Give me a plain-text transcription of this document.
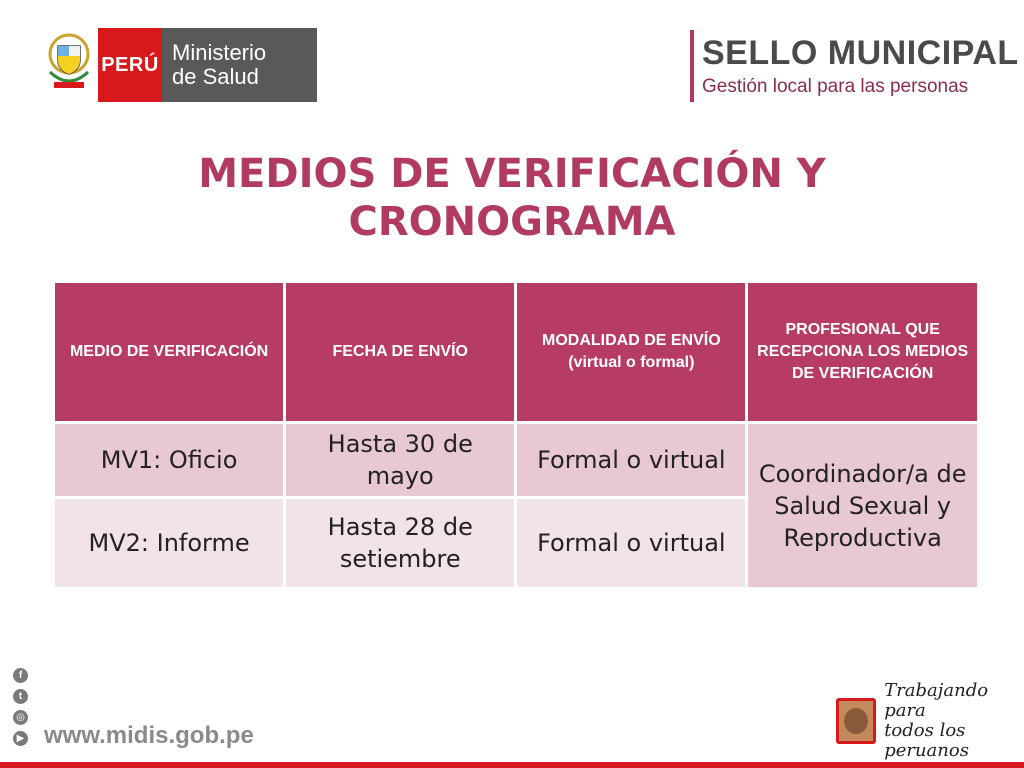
PERÚ Ministerio
de Salud
SELLO MUNICIPAL
Gestión local para las personas
MEDIOS DE VERIFICACIÓN Y
CRONOGRAMA
MEDIO DE VERIFICACIÓN	FECHA DE ENVÍO	MODALIDAD DE ENVÍO (virtual o formal)	PROFESIONAL QUE RECEPCIONA LOS MEDIOS DE VERIFICACIÓN
MV1: Oficio	Hasta 30 de mayo	Formal o virtual	Coordinador/a de Salud Sexual y Reproductiva
MV2: Informe	Hasta 28 de setiembre	Formal o virtual	
f
t
◎
▶ www.midis.gob.pe
Trabajando para
todos los peruanos
